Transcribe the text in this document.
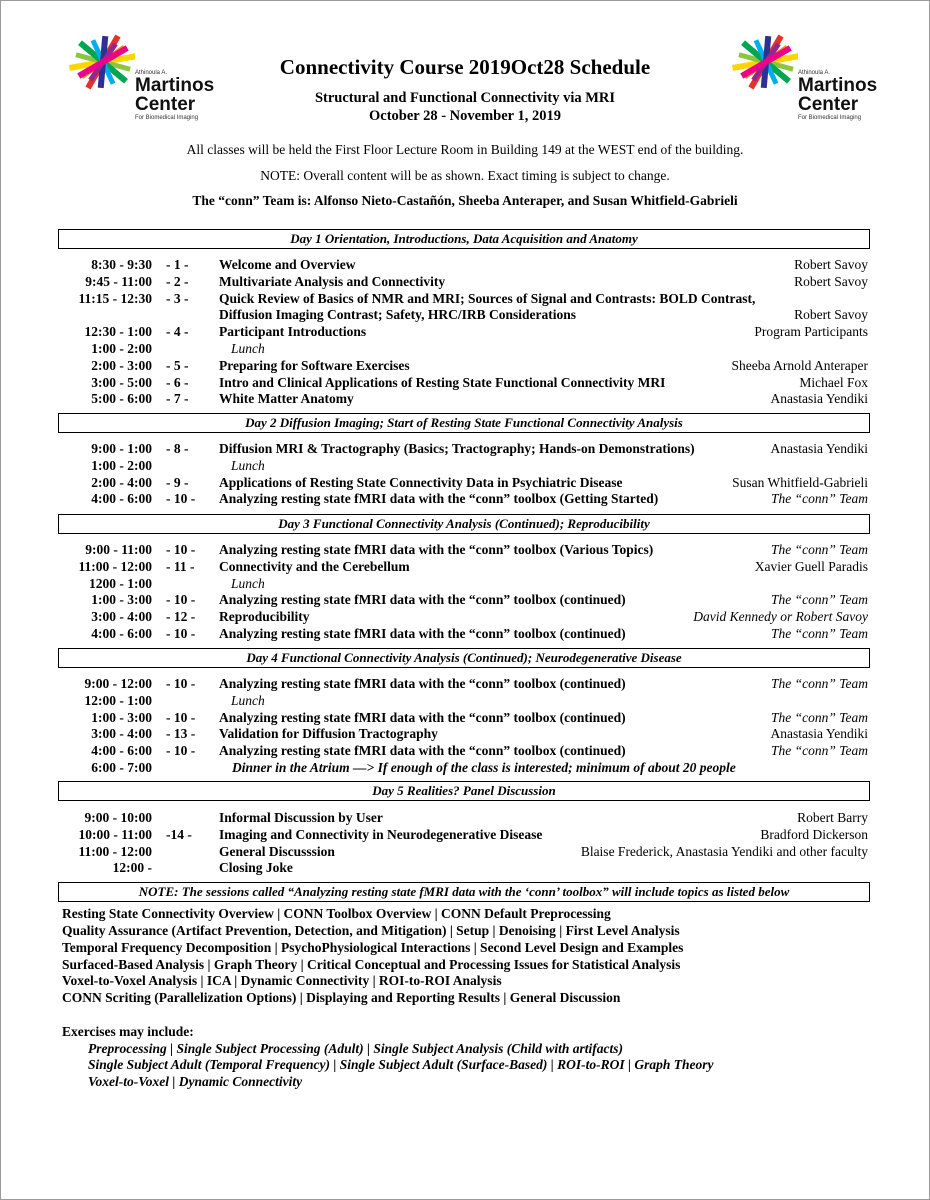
Athinoula A.
Martinos
Center
For Biomedical Imaging
Athinoula A.
Martinos
Center
For Biomedical Imaging
Connectivity Course 2019Oct28 Schedule
Structural and Functional Connectivity via MRI
October 28 - November 1, 2019
All classes will be held the First Floor Lecture Room in Building 149 at the WEST end of the building.
NOTE: Overall content will be as shown. Exact timing is subject to change.
The “conn” Team is: Alfonso Nieto-Castañón, Sheeba Anteraper, and Susan Whitfield-Gabrieli
Day 1 Orientation, Introductions, Data Acquisition and Anatomy
8:30 - 9:30 - 1 - Welcome and Overview	Robert Savoy
9:45 - 11:00 - 2 - Multivariate Analysis and Connectivity	Robert Savoy
11:15 - 12:30 - 3 - Quick Review of Basics of NMR and MRI; Sources of Signal and Contrasts: BOLD Contrast,
Diffusion Imaging Contrast; Safety, HRC/IRB Considerations	Robert Savoy
12:30 - 1:00 - 4 - Participant Introductions	Program Participants
1:00 - 2:00	Lunch
2:00 - 3:00 - 5 - Preparing for Software Exercises	Sheeba Arnold Anteraper
3:00 - 5:00 - 6 - Intro and Clinical Applications of Resting State Functional Connectivity MRI	Michael Fox
5:00 - 6:00 - 7 - White Matter Anatomy	Anastasia Yendiki
Day 2 Diffusion Imaging; Start of Resting State Functional Connectivity Analysis
9:00 - 1:00 - 8 - Diffusion MRI & Tractography (Basics; Tractography; Hands-on Demonstrations)	Anastasia Yendiki
1:00 - 2:00	Lunch
2:00 - 4:00 - 9 - Applications of Resting State Connectivity Data in Psychiatric Disease	Susan Whitfield-Gabrieli
4:00 - 6:00 - 10 - Analyzing resting state fMRI data with the “conn” toolbox (Getting Started)	The “conn” Team
Day 3 Functional Connectivity Analysis (Continued); Reproducibility
9:00 - 11:00 - 10 - Analyzing resting state fMRI data with the “conn” toolbox (Various Topics)	The “conn” Team
11:00 - 12:00 - 11 - Connectivity and the Cerebellum	Xavier Guell Paradis
1200 - 1:00	Lunch
1:00 - 3:00 - 10 - Analyzing resting state fMRI data with the “conn” toolbox (continued)	The “conn” Team
3:00 - 4:00 - 12 - Reproducibility	David Kennedy or Robert Savoy
4:00 - 6:00 - 10 - Analyzing resting state fMRI data with the “conn” toolbox (continued)	The “conn” Team
Day 4 Functional Connectivity Analysis (Continued); Neurodegenerative Disease
9:00 - 12:00 - 10 - Analyzing resting state fMRI data with the “conn” toolbox (continued)	The “conn” Team
12:00 - 1:00	Lunch
1:00 - 3:00 - 10 - Analyzing resting state fMRI data with the “conn” toolbox (continued)	The “conn” Team
3:00 - 4:00 - 13 - Validation for Diffusion Tractography	Anastasia Yendiki
4:00 - 6:00 - 10 - Analyzing resting state fMRI data with the “conn” toolbox (continued)	The “conn” Team
6:00 - 7:00	Dinner in the Atrium —> If enough of the class is interested; minimum of about 20 people
Day 5 Realities? Panel Discussion
9:00 - 10:00	Informal Discussion by User	Robert Barry
10:00 - 11:00 -14 - Imaging and Connectivity in Neurodegenerative Disease	Bradford Dickerson
11:00 - 12:00	General Discusssion	Blaise Frederick, Anastasia Yendiki and other faculty
12:00 -	Closing Joke
NOTE: The sessions called “Analyzing resting state fMRI data with the ‘conn’ toolbox” will include topics as listed below
Resting State Connectivity Overview | CONN Toolbox Overview | CONN Default Preprocessing
Quality Assurance (Artifact Prevention, Detection, and Mitigation) | Setup | Denoising | First Level Analysis
Temporal Frequency Decomposition | PsychoPhysiological Interactions | Second Level Design and Examples
Surfaced-Based Analysis | Graph Theory | Critical Conceptual and Processing Issues for Statistical Analysis
Voxel-to-Voxel Analysis | ICA | Dynamic Connectivity | ROI-to-ROI Analysis
CONN Scriting (Parallelization Options) | Displaying and Reporting Results | General Discussion
Exercises may include:
Preprocessing | Single Subject Processing (Adult) | Single Subject Analysis (Child with artifacts)
Single Subject Adult (Temporal Frequency) | Single Subject Adult (Surface-Based) | ROI-to-ROI | Graph Theory
Voxel-to-Voxel | Dynamic Connectivity
